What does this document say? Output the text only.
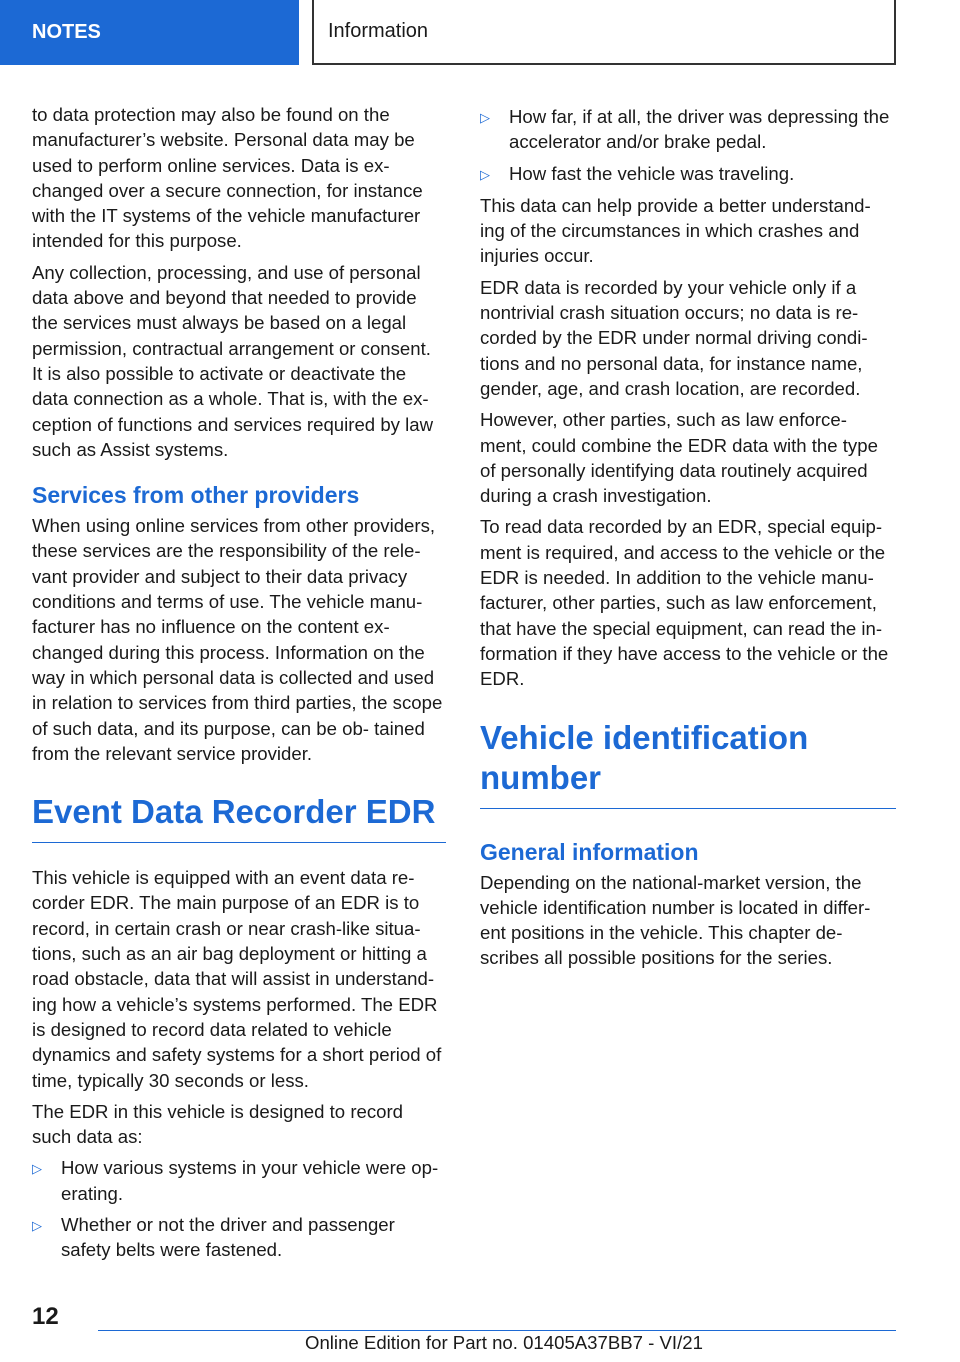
NOTES	Information

to data protection may also be found on the manufacturer’s website. Personal data may be used to perform online services. Data is ex- changed over a secure connection, for instance with the IT systems of the vehicle manufacturer intended for this purpose.

Any collection, processing, and use of personal data above and beyond that needed to provide the services must always be based on a legal permission, contractual arrangement or consent. It is also possible to activate or deactivate the data connection as a whole. That is, with the ex- ception of functions and services required by law such as Assist systems.

Services from other providers

When using online services from other providers, these services are the responsibility of the rele- vant provider and subject to their data privacy conditions and terms of use. The vehicle manu- facturer has no influence on the content ex- changed during this process. Information on the way in which personal data is collected and used in relation to services from third parties, the scope of such data, and its purpose, can be ob- tained from the relevant service provider.

Event Data Recorder EDR

This vehicle is equipped with an event data re- corder EDR. The main purpose of an EDR is to record, in certain crash or near crash-like situa- tions, such as an air bag deployment or hitting a road obstacle, data that will assist in understand- ing how a vehicle’s systems performed. The EDR is designed to record data related to vehicle dynamics and safety systems for a short period of time, typically 30 seconds or less.

The EDR in this vehicle is designed to record such data as:

▷	How various systems in your vehicle were op- erating.
▷	Whether or not the driver and passenger safety belts were fastened.
▷	How far, if at all, the driver was depressing the accelerator and/or brake pedal.
▷	How fast the vehicle was traveling.

This data can help provide a better understand- ing of the circumstances in which crashes and injuries occur.

EDR data is recorded by your vehicle only if a nontrivial crash situation occurs; no data is re- corded by the EDR under normal driving condi- tions and no personal data, for instance name, gender, age, and crash location, are recorded.

However, other parties, such as law enforce- ment, could combine the EDR data with the type of personally identifying data routinely acquired during a crash investigation.

To read data recorded by an EDR, special equip- ment is required, and access to the vehicle or the EDR is needed. In addition to the vehicle manu- facturer, other parties, such as law enforcement, that have the special equipment, can read the in- formation if they have access to the vehicle or the EDR.

Vehicle identification number
General information

Depending on the national-market version, the vehicle identification number is located in differ- ent positions in the vehicle. This chapter de- scribes all possible positions for the series.

12
Online Edition for Part no. 01405A37BB7 - VI/21
